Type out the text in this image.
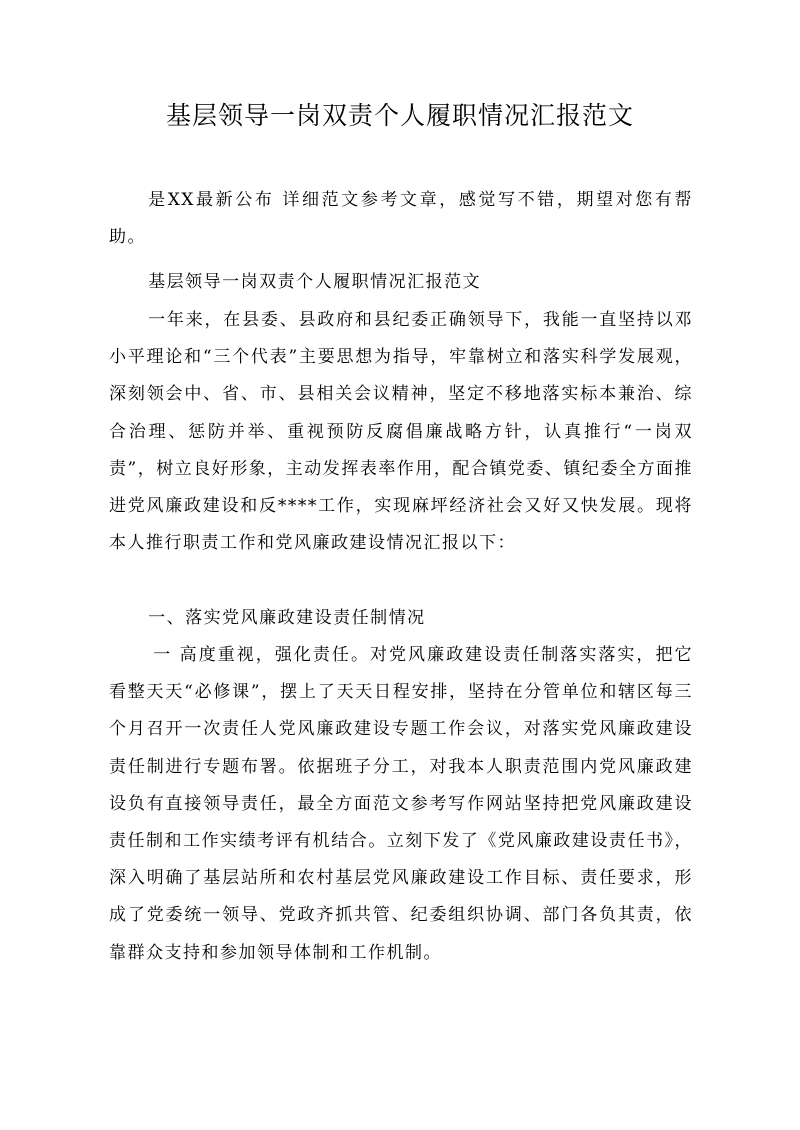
基层领导一岗双责个人履职情况汇报范文

是XX最新公布 详细范文参考文章，感觉写不错，期望对您有帮助。

基层领导一岗双责个人履职情况汇报范文

一年来，在县委、县政府和县纪委正确领导下，我能一直坚持以邓小平理论和“三个代表”主要思想为指导，牢靠树立和落实科学发展观，深刻领会中、省、市、县相关会议精神，坚定不移地落实标本兼治、综合治理、惩防并举、重视预防反腐倡廉战略方针，认真推行“一岗双责”，树立良好形象，主动发挥表率作用，配合镇党委、镇纪委全方面推进党风廉政建设和反****工作，实现麻坪经济社会又好又快发展。现将本人推行职责工作和党风廉政建设情况汇报以下：

一、落实党风廉政建设责任制情况

一 高度重视，强化责任。对党风廉政建设责任制落实落实，把它看整天天“必修课”，摆上了天天日程安排，坚持在分管单位和辖区每三个月召开一次责任人党风廉政建设专题工作会议，对落实党风廉政建设责任制进行专题布署。依据班子分工，对我本人职责范围内党风廉政建设负有直接领导责任，最全方面范文参考写作网站坚持把党风廉政建设责任制和工作实绩考评有机结合。立刻下发了《党风廉政建设责任书》，深入明确了基层站所和农村基层党风廉政建设工作目标、责任要求，形成了党委统一领导、党政齐抓共管、纪委组织协调、部门各负其责，依靠群众支持和参加领导体制和工作机制。
